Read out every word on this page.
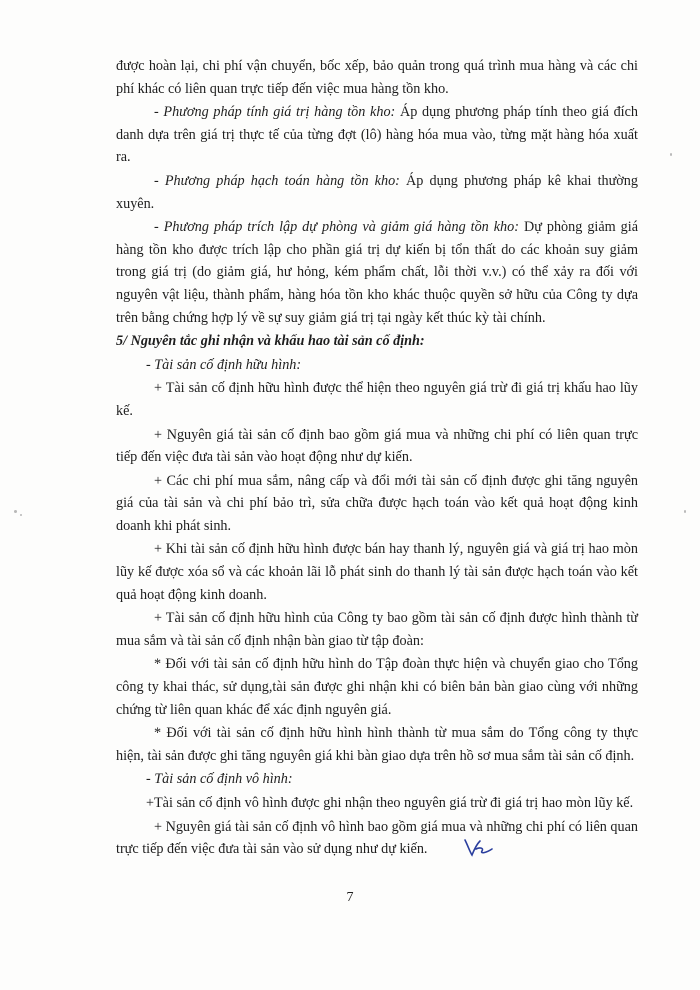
được hoàn lại, chi phí vận chuyển, bốc xếp, bảo quản trong quá trình mua hàng và các chi phí khác có liên quan trực tiếp đến việc mua hàng tồn kho.

- Phương pháp tính giá trị hàng tồn kho: Áp dụng phương pháp tính theo giá đích danh dựa trên giá trị thực tế của từng đợt (lô) hàng hóa mua vào, từng mặt hàng hóa xuất ra.

- Phương pháp hạch toán hàng tồn kho: Áp dụng phương pháp kê khai thường xuyên.

- Phương pháp trích lập dự phòng và giảm giá hàng tồn kho: Dự phòng giảm giá hàng tồn kho được trích lập cho phần giá trị dự kiến bị tổn thất do các khoản suy giảm trong giá trị (do giảm giá, hư hỏng, kém phẩm chất, lỗi thời v.v.) có thể xảy ra đối với nguyên vật liệu, thành phẩm, hàng hóa tồn kho khác thuộc quyền sở hữu của Công ty dựa trên bằng chứng hợp lý về sự suy giảm giá trị tại ngày kết thúc kỳ tài chính.

5/ Nguyên tắc ghi nhận và khấu hao tài sản cố định:

- Tài sản cố định hữu hình:

+ Tài sản cố định hữu hình được thể hiện theo nguyên giá trừ đi giá trị khấu hao lũy kế.

+ Nguyên giá tài sản cố định bao gồm giá mua và những chi phí có liên quan trực tiếp đến việc đưa tài sản vào hoạt động như dự kiến.

+ Các chi phí mua sắm, nâng cấp và đổi mới tài sản cố định được ghi tăng nguyên giá của tài sản và chi phí bảo trì, sửa chữa được hạch toán vào kết quả hoạt động kinh doanh khi phát sinh.

+ Khi tài sản cố định hữu hình được bán hay thanh lý, nguyên giá và giá trị hao mòn lũy kế được xóa sổ và các khoản lãi lỗ phát sinh do thanh lý tài sản được hạch toán vào kết quả hoạt động kinh doanh.

+ Tài sản cố định hữu hình của Công ty bao gồm tài sản cố định được hình thành từ mua sắm và tài sản cố định nhận bàn giao từ tập đoàn:

* Đối với tài sản cố định hữu hình do Tập đoàn thực hiện và chuyển giao cho Tổng công ty khai thác, sử dụng,tài sản được ghi nhận khi có biên bản bàn giao cùng với những chứng từ liên quan khác để xác định nguyên giá.

* Đối với tài sản cố định hữu hình hình thành từ mua sắm do Tổng công ty thực hiện, tài sản được ghi tăng nguyên giá khi bàn giao dựa trên hồ sơ mua sắm tài sản cố định.

- Tài sản cố định vô hình:

+Tài sản cố định vô hình được ghi nhận theo nguyên giá trừ đi giá trị hao mòn lũy kế.

+ Nguyên giá tài sản cố định vô hình bao gồm giá mua và những chi phí có liên quan trực tiếp đến việc đưa tài sản vào sử dụng như dự kiến.

7
